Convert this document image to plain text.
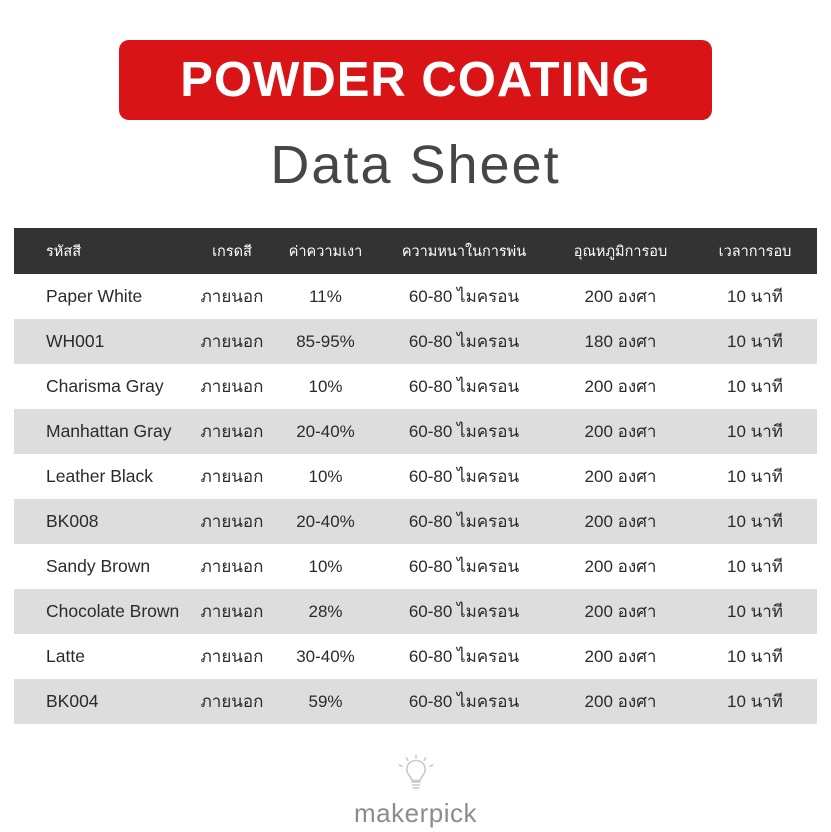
POWDER COATING
Data Sheet
รหัสสี	เกรดสี	ค่าความเงา	ความหนาในการพ่น	อุณหภูมิการอบ	เวลาการอบ
Paper White	ภายนอก	11%	60-80 ไมครอน	200 องศา	10 นาที
WH001	ภายนอก	85-95%	60-80 ไมครอน	180 องศา	10 นาที
Charisma Gray	ภายนอก	10%	60-80 ไมครอน	200 องศา	10 นาที
Manhattan Gray	ภายนอก	20-40%	60-80 ไมครอน	200 องศา	10 นาที
Leather Black	ภายนอก	10%	60-80 ไมครอน	200 องศา	10 นาที
BK008	ภายนอก	20-40%	60-80 ไมครอน	200 องศา	10 นาที
Sandy Brown	ภายนอก	10%	60-80 ไมครอน	200 องศา	10 นาที
Chocolate Brown	ภายนอก	28%	60-80 ไมครอน	200 องศา	10 นาที
Latte	ภายนอก	30-40%	60-80 ไมครอน	200 องศา	10 นาที
BK004	ภายนอก	59%	60-80 ไมครอน	200 องศา	10 นาที
makerpick
